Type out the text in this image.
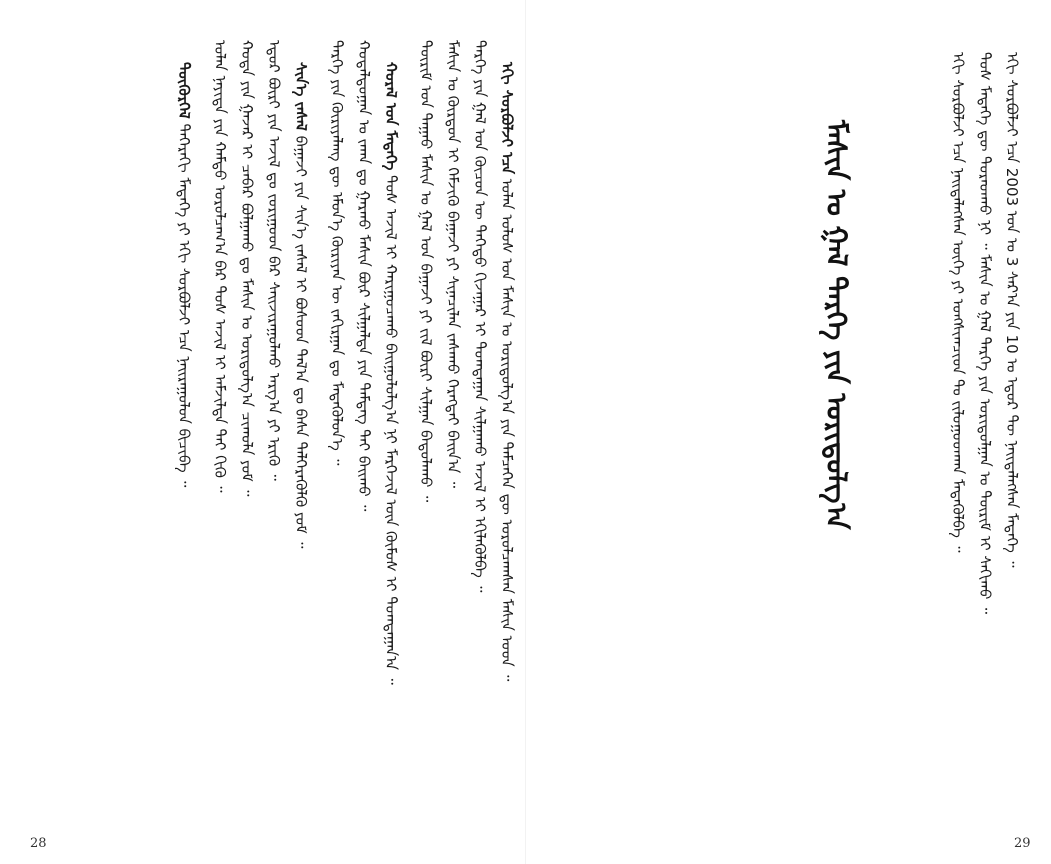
ᠡᠬᠢ ᠰᠤᠷᠪᠤᠯᠵᠢ ᠡᠴᠡ 2003 ᠣᠨ ᠤ 3 ᠰᠠᠷ᠎ᠠ ᠶᠢᠨ 10 ᠤ ᠡᠳᠦᠷ ᠲᠦ ᠨᠡᠢᠲᠡᠯᠡᠭᠰᠡᠨ ᠮᠡᠳᠡᠭᠡ ᠃
ᠲᠤᠰ ᠮᠡᠳᠡᠭᠡ ᠳᠦ ᠳᠤᠷᠠᠳᠬᠤ ᠨᠢ ᠃ ᠮᠠᠰᠢᠨ ᠤ ᠭᠠᠯ ᠲᠡᠷᠭᠡ ᠶᠢᠨ ᠤᠷᠢᠳᠤᠯᠭᠠᠨ ᠤ ᠳᠦᠷᠢᠮ ᠢ ᠰᠠᠬᠢᠬᠤ ᠃
ᠡᠬᠢ ᠰᠤᠷᠪᠤᠯᠵᠢ ᠡᠴᠡ ᠨᠡᠢᠲᠡᠯᠡᠭᠰᠡᠨ ᠦᠭᠡ ᠶᠢ ᠤᠩᠰᠢᠭᠴᠢᠳ ᠲᠤ ᠵᠢᠯᠤᠭᠤᠳᠬᠠᠨ ᠮᠡᠳᠡᠭᠦᠯᠪᠡ ᠃
ᠮᠠᠰᠢᠨ ᠤ ᠭᠠᠯ ᠲᠡᠷᠭᠡ ᠶᠢᠨ ᠤᠷᠢᠳᠤᠯᠭ᠎ᠠ
ᠡᠬᠢ ᠰᠤᠷᠪᠤᠯᠵᠢ ᠡᠴᠡ ᠣᠯᠠᠨ ᠤᠯᠤᠰ ᠤᠨ ᠮᠠᠰᠢᠨ ᠤ ᠤᠷᠢᠳᠤᠯᠭ᠎ᠠ ᠶᠢᠨ ᠲᠡᠮᠴᠡᠭᠡᠨ ᠳᠦ ᠣᠷᠣᠯᠴᠠᠭᠰᠠᠨ ᠮᠠᠰᠢᠨ ᠤᠳ ᠃
ᠲᠡᠷᠭᠡ ᠶᠢᠨ ᠭᠠᠯ ᠤᠨ ᠬᠦᠴᠦᠨ ᠦ ᠳᠡᠭᠡᠳᠦ ᠬᠢᠵᠠᠭᠠᠷ ᠢ ᠲᠣᠭᠲᠠᠭᠠᠨ ᠰᠢᠯᠭᠠᠬᠤ ᠠᠵᠢᠯ ᠢ ᠡᠬᠢᠯᠡᠭᠦᠯᠪᠡ ᠃
ᠮᠠᠰᠢᠨ ᠤ ᠬᠦᠷᠳᠦᠨ ᠢ ᠬᠡᠮᠵᠢᠬᠦ ᠪᠠᠭᠠᠵᠢ ᠶᠢ ᠰᠢᠨᠡᠴᠢᠯᠡᠨ ᠵᠠᠰᠠᠬᠤ ᠬᠡᠷᠡᠭᠲᠡᠢ ᠪᠠᠢᠨ᠎ᠠ ᠃
ᠳᠦᠷᠢᠮ ᠤᠨ ᠳᠠᠭᠠᠤ ᠮᠠᠰᠢᠨ ᠤ ᠭᠠᠯ ᠤᠨ ᠪᠠᠭᠠᠵᠢ ᠶᠢ ᠵᠢᠯ ᠪᠦᠷᠢ ᠰᠢᠯᠭᠠᠨ ᠪᠠᠲᠤᠯᠠᠬᠤ ᠃
ᠬᠤᠷᠠᠯ ᠤᠨ ᠮᠡᠳᠡᠭᠡ ᠲᠤᠰ ᠠᠵᠢᠯ ᠢ ᠬᠠᠷᠢᠭᠤᠴᠠᠬᠤ ᠪᠠᠢᠭᠤᠯᠤᠯᠭ᠎ᠠ ᠨᠢ ᠮᠡᠷᠭᠡᠵᠢᠯ ᠦᠨ ᠬᠦᠮᠦᠰ ᠢ ᠲᠣᠭᠲᠠᠭᠠᠨ᠎ᠠ ᠃
ᠬᠤᠳᠠᠯᠳᠤᠭᠠᠨ ᠤ ᠵᠠᠬᠠ ᠳᠤ ᠭᠠᠷᠬᠤ ᠮᠠᠰᠢᠨ ᠪᠦᠷ ᠰᠢᠯᠭᠠᠯᠲᠠ ᠶᠢᠨ ᠲᠡᠮᠳᠡᠭ ᠲᠠᠢ ᠪᠠᠢᠬᠤ ᠃
ᠲᠡᠷᠭᠡ ᠶᠢᠨ ᠬᠦᠷᠢᠶᠡᠯᠡᠩ ᠳᠦ ᠡᠮᠦᠨ᠎ᠡ ᠬᠦᠷᠢᠶᠡᠨ ᠦ ᠵᠠᠬᠢᠷᠭᠠᠨ ᠳᠤ ᠮᠡᠳᠡᠭᠦᠯᠦᠨ᠎ᠡ ᠃
ᠰᠢᠨ᠎ᠡ ᠵᠠᠰᠠᠯ ᠪᠠᠭᠠᠵᠢ ᠶᠢᠨ ᠰᠢᠨ᠎ᠡ ᠵᠠᠰᠠᠯ ᠢ ᠪᠤᠰᠤᠳ ᠲᠠᠯ᠎ᠠ ᠳᠤ ᠪᠠᠰᠠ ᠳᠡᠯᠭᠡᠷᠡᠭᠦᠯᠬᠦ ᠶᠤᠮ ᠃
ᠡᠳᠦᠷ ᠪᠦᠷᠢ ᠶᠢᠨ ᠠᠵᠢᠯ ᠳᠤ ᠵᠣᠷᠢᠭᠤᠳ ᠪᠠᠷ ᠰᠠᠢᠵᠢᠷᠠᠭᠤᠯᠬᠤ ᠠᠷᠭ᠎ᠠ ᠶᠢ ᠡᠷᠢᠬᠦ ᠃
ᠬᠣᠲᠠ ᠶᠢᠨ ᠭᠠᠵᠠᠷ ᠢ ᠴᠡᠪᠡᠷ ᠪᠣᠯᠭᠠᠬᠤ ᠳᠤ ᠮᠠᠰᠢᠨ ᠤ ᠤᠷᠢᠳᠤᠯᠭ᠎ᠠ ᠴᠢᠬᠤᠯᠠ ᠶᠤᠮ ᠃
ᠣᠯᠠᠨ ᠨᠡᠶᠢᠲᠡ ᠶᠢᠨ ᠬᠠᠮᠲᠤ ᠣᠷᠣᠯᠴᠠᠭ᠎ᠠ ᠪᠠᠷ ᠲᠤᠰ ᠠᠵᠢᠯ ᠢ ᠠᠮᠵᠢᠯᠲᠠ ᠲᠠᠢ ᠬᠢᠬᠦ ᠃
ᠳᠦᠭᠦᠷᠭᠡᠯ ᠳᠡᠭᠡᠷᠡᠬᠢ ᠮᠡᠳᠡᠭᠡ ᠶᠢ ᠡᠬᠢ ᠰᠤᠷᠪᠤᠯᠵᠢ ᠡᠴᠡ ᠨᠠᠢᠷᠠᠭᠤᠯᠤᠨ ᠪᠢᠴᠢᠪᠡ ᠃
28	29
